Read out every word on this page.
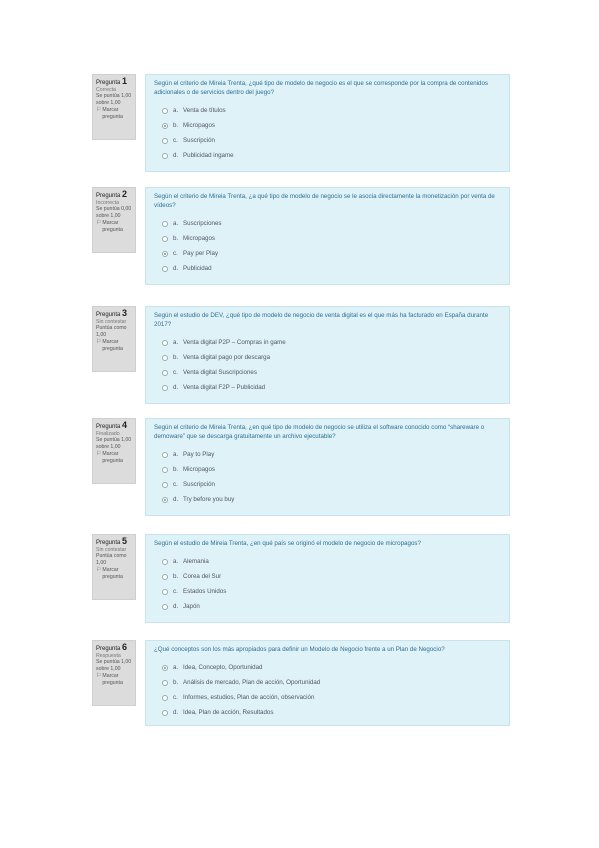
Pregunta 1
Correcta
Se puntúa 1,00 sobre 1,00
⚐ Marcar pregunta
Según el criterio de Mireia Trenta, ¿qué tipo de modelo de negocio es el que se corresponde por la compra de contenidos adicionales o de servicios dentro del juego?
a. Venta de títulos
b. Micropagos
c. Suscripción
d. Publicidad ingame
Pregunta 2
Incorrecta
Se puntúa 0,00 sobre 1,00
⚐ Marcar pregunta
Según el criterio de Mireia Trenta, ¿a qué tipo de modelo de negocio se le asocia directamente la monetización por venta de vídeos?
a. Suscripciones
b. Micropagos
c. Pay per Play
d. Publicidad
Pregunta 3
Sin contestar
Puntúa como 1,00
⚐ Marcar pregunta
Según el estudio de DEV, ¿qué tipo de modelo de negocio de venta digital es el que más ha facturado en España durante 2017?
a. Venta digital P2P – Compras in game
b. Venta digital pago por descarga
c. Venta digital Suscripciones
d. Venta digital F2P – Publicidad
Pregunta 4
Finalizado
Se puntúa 1,00 sobre 1,00
⚐ Marcar pregunta
Según el criterio de Mireia Trenta, ¿en qué tipo de modelo de negocio se utiliza el software conocido como “shareware o demoware” que se descarga gratuitamente un archivo ejecutable?
a. Pay to Play
b. Micropagos
c. Suscripción
d. Try before you buy
Pregunta 5
Sin contestar
Puntúa como 1,00
⚐ Marcar pregunta
Según el estudio de Mireia Trenta, ¿en qué país se originó el modelo de negocio de micropagos?
a. Alemania
b. Corea del Sur
c. Estados Unidos
d. Japón
Pregunta 6
Respuesta
Se puntúa 1,00 sobre 1,00
⚐ Marcar pregunta
¿Qué conceptos son los más apropiados para definir un Modelo de Negocio frente a un Plan de Negocio?
a. Idea, Concepto, Oportunidad
b. Análisis de mercado, Plan de acción, Oportunidad
c. Informes, estudios, Plan de acción, observación
d. Idea, Plan de acción, Resultados
